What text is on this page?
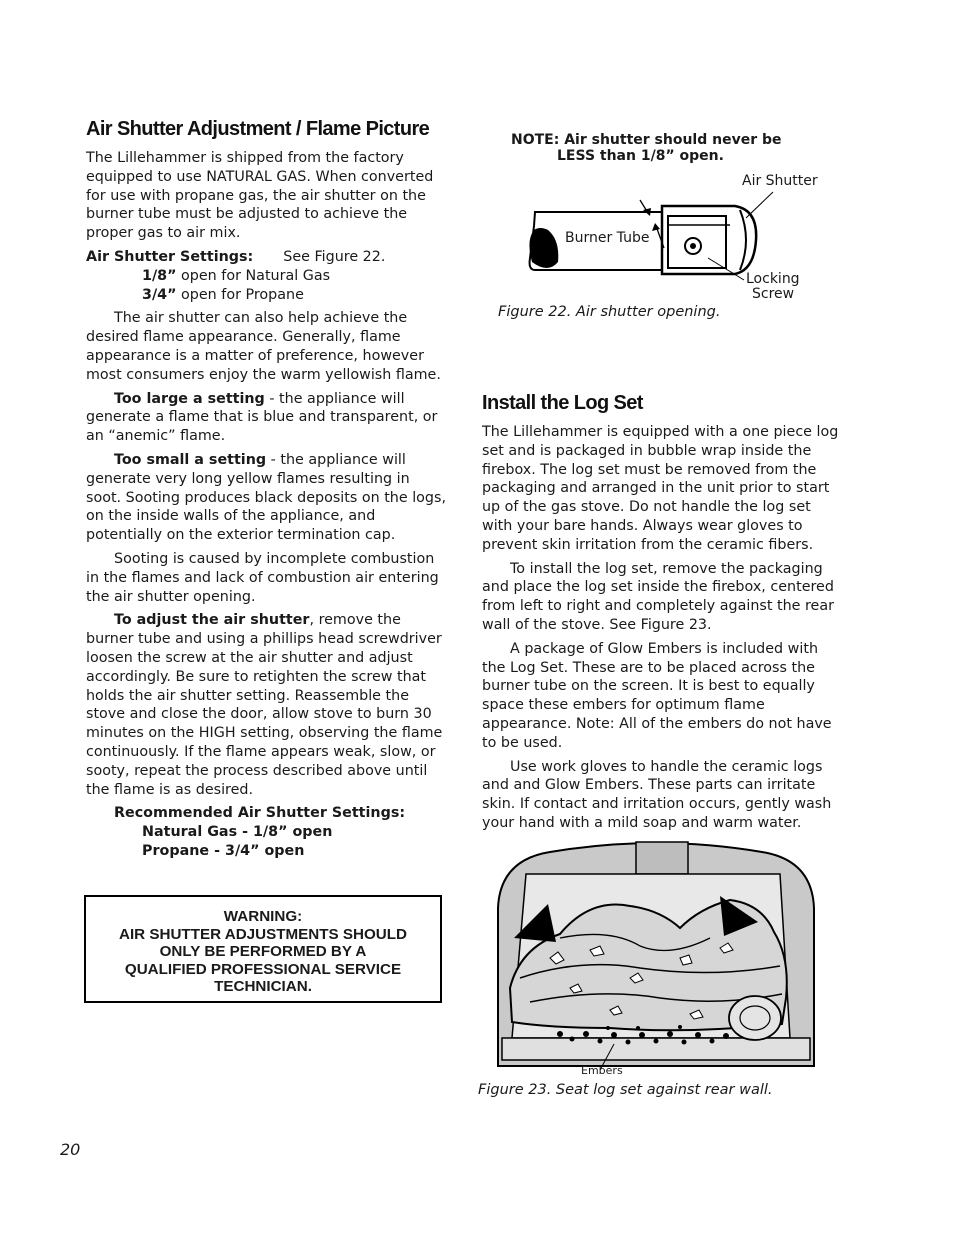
Air Shutter Adjustment / Flame Picture

The Lillehammer is shipped from the factory equipped to use NATURAL GAS. When converted for use with propane gas, the air shutter on the burner tube must be adjusted to achieve the proper gas to air mix.

Air Shutter Settings: See Figure 22.
1/8” open for Natural Gas
3/4” open for Propane

The air shutter can also help achieve the desired flame appearance. Generally, flame appearance is a matter of preference, however most consumers enjoy the warm yellowish flame.

Too large a setting - the appliance will generate a flame that is blue and transparent, or an “anemic” flame.

Too small a setting - the appliance will generate very long yellow flames resulting in soot. Sooting produces black deposits on the logs, on the inside walls of the appliance, and potentially on the exterior termination cap.

Sooting is caused by incomplete combustion in the flames and lack of combustion air entering the air shutter opening.

To adjust the air shutter, remove the burner tube and using a phillips head screwdriver loosen the screw at the air shutter and adjust accordingly. Be sure to retighten the screw that holds the air shutter setting. Reassemble the stove and close the door, allow stove to burn 30 minutes on the HIGH setting, observing the flame continuously. If the flame appears weak, slow, or sooty, repeat the process described above until the flame is as desired.

Recommended Air Shutter Settings:
Natural Gas - 1/8” open
Propane - 3/4” open
WARNING:
AIR SHUTTER ADJUSTMENTS SHOULD
ONLY BE PERFORMED BY A
QUALIFIED PROFESSIONAL SERVICE
TECHNICIAN.
NOTE: Air shutter should never be
LESS than 1/8” open.
Air Shutter
Burner Tube
Locking
Screw
Figure 22. Air shutter opening.
Install the Log Set

The Lillehammer is equipped with a one piece log set and is packaged in bubble wrap inside the firebox. The log set must be removed from the packaging and arranged in the unit prior to start up of the gas stove. Do not handle the log set with your bare hands. Always wear gloves to prevent skin irritation from the ceramic fibers.

To install the log set, remove the packaging and place the log set inside the firebox, centered from left to right and completely against the rear wall of the stove. See Figure 23.

A package of Glow Embers is included with the Log Set. These are to be placed across the burner tube on the screen. It is best to equally space these embers for optimum flame appearance. Note: All of the embers do not have to be used.

Use work gloves to handle the ceramic logs and and Glow Embers. These parts can irritate skin. If contact and irritation occurs, gently wash your hand with a mild soap and warm water.

Embers
Figure 23. Seat log set against rear wall.
20
